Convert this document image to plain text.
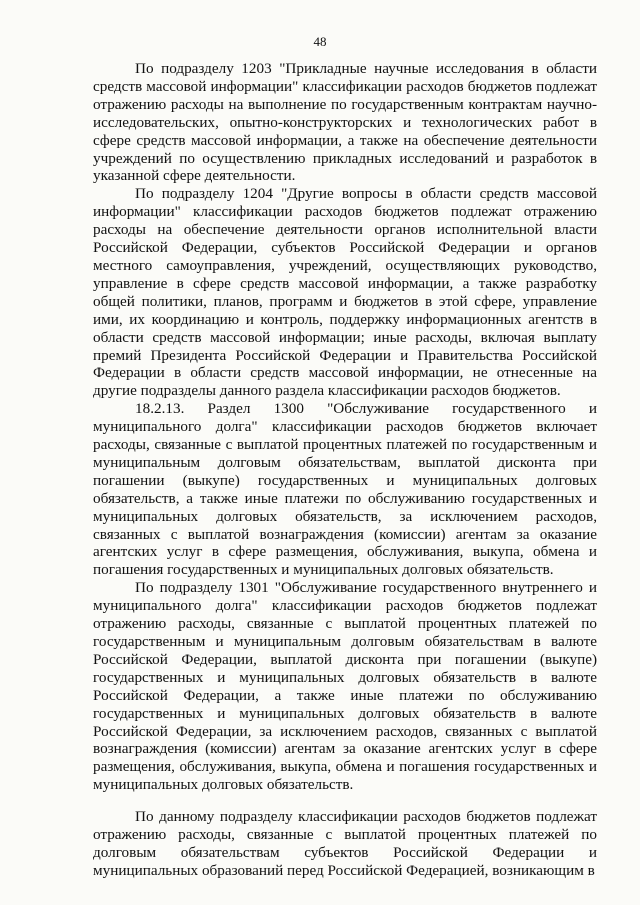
48

По подразделу 1203 "Прикладные научные исследования в области средств массовой информации" классификации расходов бюджетов подлежат отражению расходы на выполнение по государственным контрактам научно-исследовательских, опытно-конструкторских и технологических работ в сфере средств массовой информации, а также на обеспечение деятельности учреждений по осуществлению прикладных исследований и разработок в указанной сфере деятельности.

По подразделу 1204 "Другие вопросы в области средств массовой информации" классификации расходов бюджетов подлежат отражению расходы на обеспечение деятельности органов исполнительной власти Российской Федерации, субъектов Российской Федерации и органов местного самоуправления, учреждений, осуществляющих руководство, управление в сфере средств массовой информации, а также разработку общей политики, планов, программ и бюджетов в этой сфере, управление ими, их координацию и контроль, поддержку информационных агентств в области средств массовой информации; иные расходы, включая выплату премий Президента Российской Федерации и Правительства Российской Федерации в области средств массовой информации, не отнесенные на другие подразделы данного раздела классификации расходов бюджетов.

18.2.13. Раздел 1300 "Обслуживание государственного и муниципального долга" классификации расходов бюджетов включает расходы, связанные с выплатой процентных платежей по государственным и муниципальным долговым обязательствам, выплатой дисконта при погашении (выкупе) государственных и муниципальных долговых обязательств, а также иные платежи по обслуживанию государственных и муниципальных долговых обязательств, за исключением расходов, связанных с выплатой вознаграждения (комиссии) агентам за оказание агентских услуг в сфере размещения, обслуживания, выкупа, обмена и погашения государственных и муниципальных долговых обязательств.

По подразделу 1301 "Обслуживание государственного внутреннего и муниципального долга" классификации расходов бюджетов подлежат отражению расходы, связанные с выплатой процентных платежей по государственным и муниципальным долговым обязательствам в валюте Российской Федерации, выплатой дисконта при погашении (выкупе) государственных и муниципальных долговых обязательств в валюте Российской Федерации, а также иные платежи по обслуживанию государственных и муниципальных долговых обязательств в валюте Российской Федерации, за исключением расходов, связанных с выплатой вознаграждения (комиссии) агентам за оказание агентских услуг в сфере размещения, обслуживания, выкупа, обмена и погашения государственных и муниципальных долговых обязательств.

По данному подразделу классификации расходов бюджетов подлежат отражению расходы, связанные с выплатой процентных платежей по долговым обязательствам субъектов Российской Федерации и муниципальных образований перед Российской Федерацией, возникающим в
